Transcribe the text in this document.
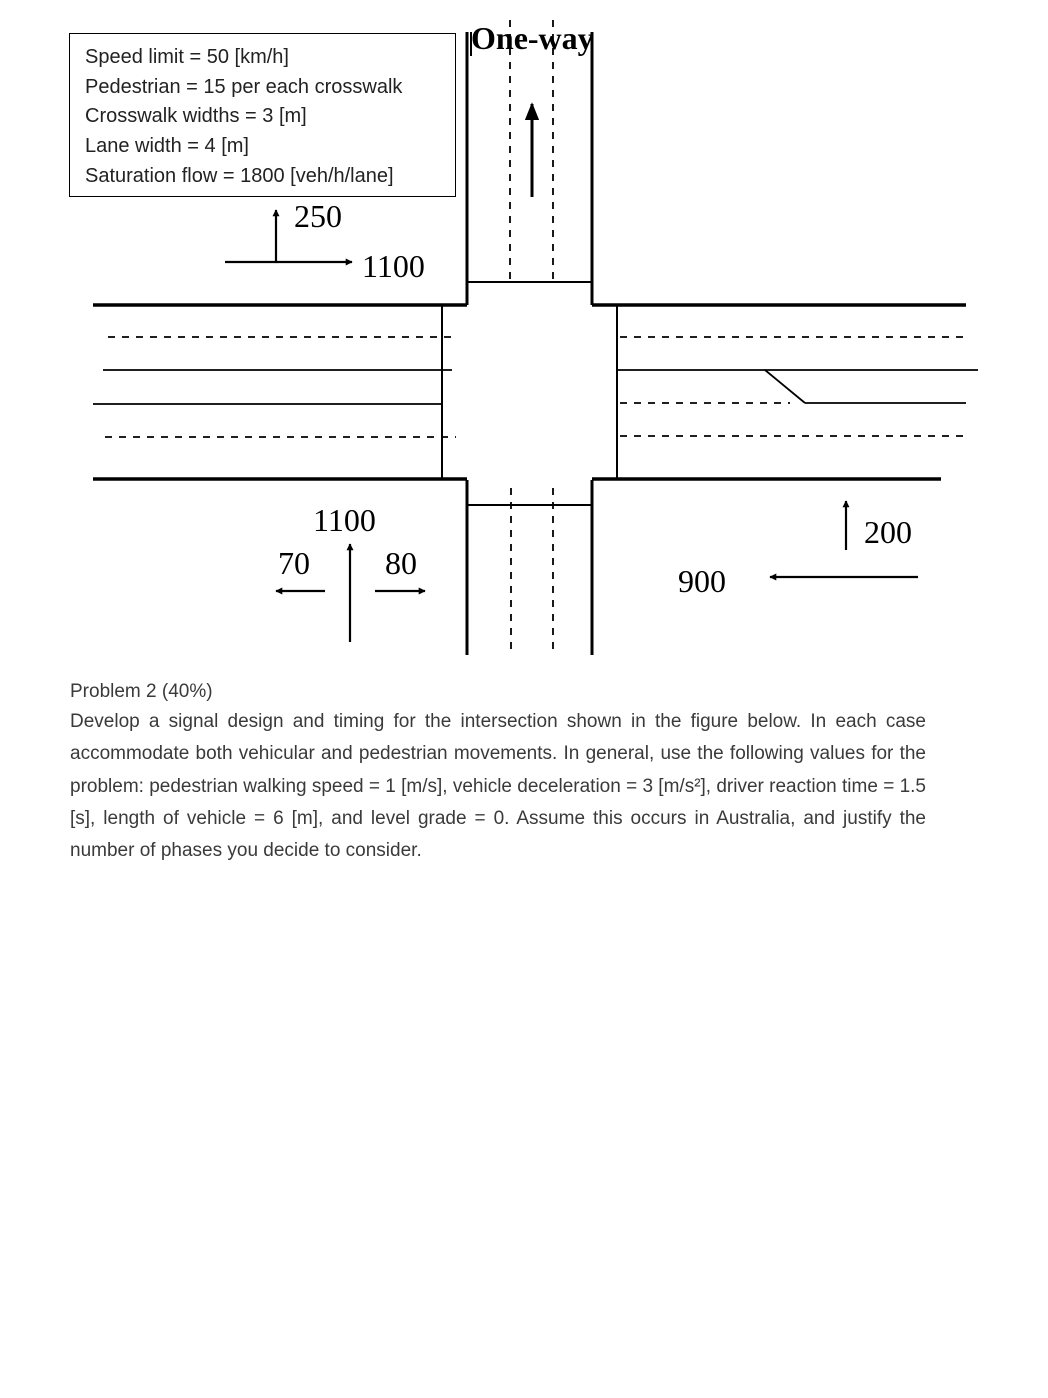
One-way
250
1100
1100
70 80
200
900
Speed limit = 50 [km/h]
Pedestrian = 15 per each crosswalk
Crosswalk widths = 3 [m]
Lane width = 4 [m]
Saturation flow = 1800 [veh/h/lane]
Problem 2 (40%)

Develop a signal design and timing for the intersection shown in the figure below. In each case accommodate both vehicular and pedestrian movements. In general, use the following values for the problem: pedestrian walking speed = 1 [m/s], vehicle deceleration = 3 [m/s²], driver reaction time = 1.5 [s], length of vehicle = 6 [m], and level grade = 0. Assume this occurs in Australia, and justify the number of phases you decide to consider.
